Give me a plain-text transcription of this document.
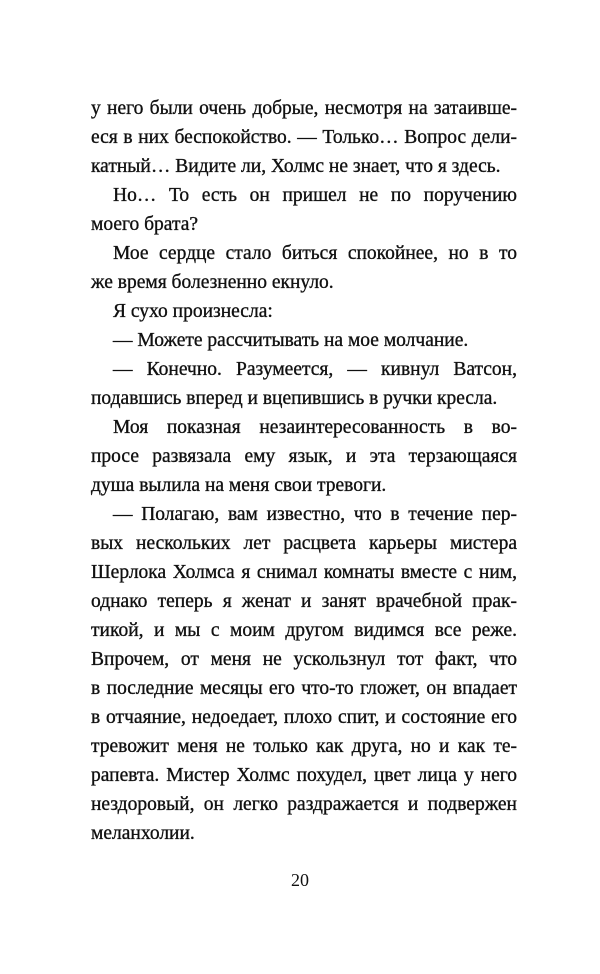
у него были очень добрые, несмотря на затаивше-
еся в них беспокойство. — Только… Вопрос дели-
катный… Видите ли, Холмс не знает, что я здесь.
Но… То есть он пришел не по поручению
моего брата?
Мое сердце стало биться спокойнее, но в то
же время болезненно екнуло.
Я сухо произнесла:
— Можете рассчитывать на мое молчание.
— Конечно. Разумеется, — кивнул Ватсон,
подавшись вперед и вцепившись в ручки кресла.
Моя показная незаинтересованность в во-
просе развязала ему язык, и эта терзающаяся
душа вылила на меня свои тревоги.
— Полагаю, вам известно, что в течение пер-
вых нескольких лет расцвета карьеры мистера
Шерлока Холмса я снимал комнаты вместе с ним,
однако теперь я женат и занят врачебной прак-
тикой, и мы с моим другом видимся все реже.
Впрочем, от меня не ускользнул тот факт, что
в последние месяцы его что-то гложет, он впадает
в отчаяние, недоедает, плохо спит, и состояние его
тревожит меня не только как друга, но и как те-
рапевта. Мистер Холмс похудел, цвет лица у него
нездоровый, он легко раздражается и подвержен
меланхолии.
20
